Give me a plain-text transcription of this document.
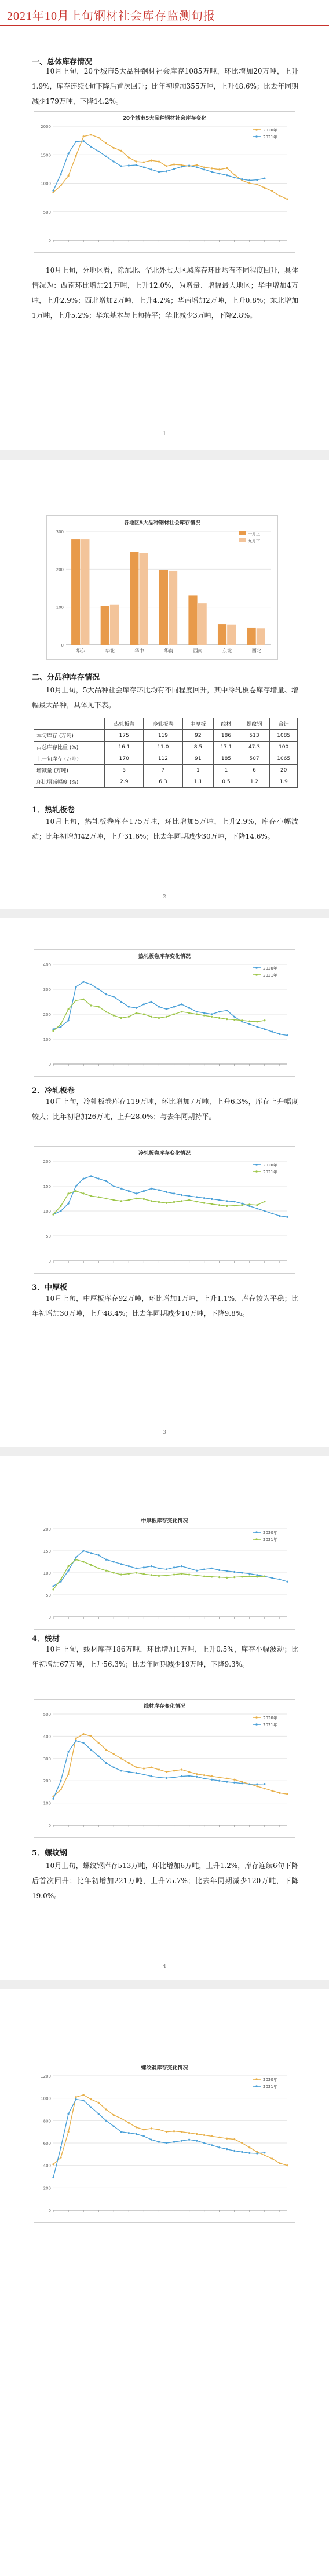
2021年10月上旬钢材社会库存监测旬报
一、总体库存情况
10月上旬，20个城市5大品种钢材社会库存1085万吨，环比增加20万吨，上升1.9%，库存连续4旬下降后首次回升；比年初增加355万吨，上升48.6%；比去年同期减少179万吨，下降14.2%。
20个城市5大品种钢材社会库存变化
0
500
1000
1500
2000
2020年
2021年
10月上旬，分地区看，除东北、华北外七大区域库存环比均有不同程度回升，具体情况为：西南环比增加21万吨，上升12.0%，为增量、增幅最大地区；华中增加4万吨，上升2.9%；西北增加2万吨，上升4.2%；华南增加2万吨，上升0.8%；东北增加1万吨，上升5.2%；华东基本与上旬持平；华北减少3万吨，下降2.8%。
1
各地区5大品种钢材社会库存情况
0
100
200
300
华东	华北	华中	华南	西南	东北	西北
十月上
九月下
二、分品种库存情况
10月上旬，5大品种社会库存环比均有不同程度回升，其中冷轧板卷库存增量、增幅最大品种，具体见下表。
	热轧板卷	冷轧板卷	中厚板	线材	螺纹钢	合计
本旬库存 (万吨)	175	119	92	186	513	1085
占总库存比重 (%)	16.1	11.0	8.5	17.1	47.3	100
上一旬库存 (万吨)	170	112	91	185	507	1065
增减量 (万吨)	5	7	1	1	6	20
环比增减幅度 (%)	2.9	6.3	1.1	0.5	1.2	1.9
1．热轧板卷
10月上旬，热轧板卷库存175万吨，环比增加5万吨，上升2.9%，库存小幅波动；比年初增加42万吨，上升31.6%；比去年同期减少30万吨，下降14.6%。
2
热轧板卷库存变化情况
0
100
200
300
400
2020年
2021年
2．冷轧板卷
10月上旬，冷轧板卷库存119万吨，环比增加7万吨，上升6.3%，库存上升幅度较大；比年初增加26万吨，上升28.0%；与去年同期持平。
冷轧板卷库存变化情况
0
50
100
150
200
2020年
2021年
3．中厚板
10月上旬，中厚板库存92万吨，环比增加1万吨，上升1.1%，库存较为平稳；比年初增加30万吨，上升48.4%；比去年同期减少10万吨，下降9.8%。
3
中厚板库存变化情况
0
50
100
150
200
2020年
2021年
4．线材
10月上旬，线材库存186万吨，环比增加1万吨，上升0.5%，库存小幅波动；比年初增加67万吨，上升56.3%；比去年同期减少19万吨，下降9.3%。
线材库存变化情况
0
100
200
300
400
500
2020年
2021年
5．螺纹钢
10月上旬，螺纹钢库存513万吨，环比增加6万吨，上升1.2%，库存连续6旬下降后首次回升；比年初增加221万吨，上升75.7%；比去年同期减少120万吨，下降19.0%。
4
螺纹钢库存变化情况
0
200
400
600
800
1000
1200
2020年
2021年
